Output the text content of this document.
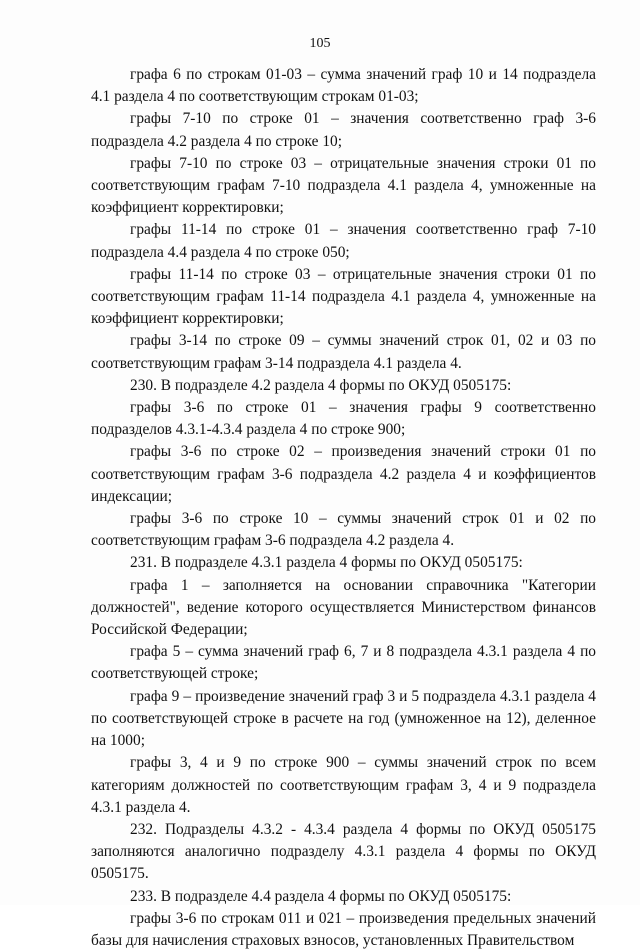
105

графа 6 по строкам 01-03 – сумма значений граф 10 и 14 подраздела 4.1 раздела 4 по соответствующим строкам 01-03;

графы 7-10 по строке 01 – значения соответственно граф 3-6 подраздела 4.2 раздела 4 по строке 10;

графы 7-10 по строке 03 – отрицательные значения строки 01 по соответствующим графам 7-10 подраздела 4.1 раздела 4, умноженные на коэффициент корректировки;

графы 11-14 по строке 01 – значения соответственно граф 7-10 подраздела 4.4 раздела 4 по строке 050;

графы 11-14 по строке 03 – отрицательные значения строки 01 по соответствующим графам 11-14 подраздела 4.1 раздела 4, умноженные на коэффициент корректировки;

графы 3-14 по строке 09 – суммы значений строк 01, 02 и 03 по соответствующим графам 3-14 подраздела 4.1 раздела 4.

230. В подразделе 4.2 раздела 4 формы по ОКУД 0505175:

графы 3-6 по строке 01 – значения графы 9 соответственно подразделов 4.3.1-4.3.4 раздела 4 по строке 900;

графы 3-6 по строке 02 – произведения значений строки 01 по соответствующим графам 3-6 подраздела 4.2 раздела 4 и коэффициентов индексации;

графы 3-6 по строке 10 – суммы значений строк 01 и 02 по соответствующим графам 3-6 подраздела 4.2 раздела 4.

231. В подразделе 4.3.1 раздела 4 формы по ОКУД 0505175:

графа 1 – заполняется на основании справочника "Категории должностей", ведение которого осуществляется Министерством финансов Российской Федерации;

графа 5 – сумма значений граф 6, 7 и 8 подраздела 4.3.1 раздела 4 по соответствующей строке;

графа 9 – произведение значений граф 3 и 5 подраздела 4.3.1 раздела 4 по соответствующей строке в расчете на год (умноженное на 12), деленное на 1000;

графы 3, 4 и 9 по строке 900 – суммы значений строк по всем категориям должностей по соответствующим графам 3, 4 и 9 подраздела 4.3.1 раздела 4.

232. Подразделы 4.3.2 - 4.3.4 раздела 4 формы по ОКУД 0505175 заполняются аналогично подразделу 4.3.1 раздела 4 формы по ОКУД 0505175.

233. В подразделе 4.4 раздела 4 формы по ОКУД 0505175:

графы 3-6 по строкам 011 и 021 – произведения предельных значений базы для начисления страховых взносов, установленных Правительством
